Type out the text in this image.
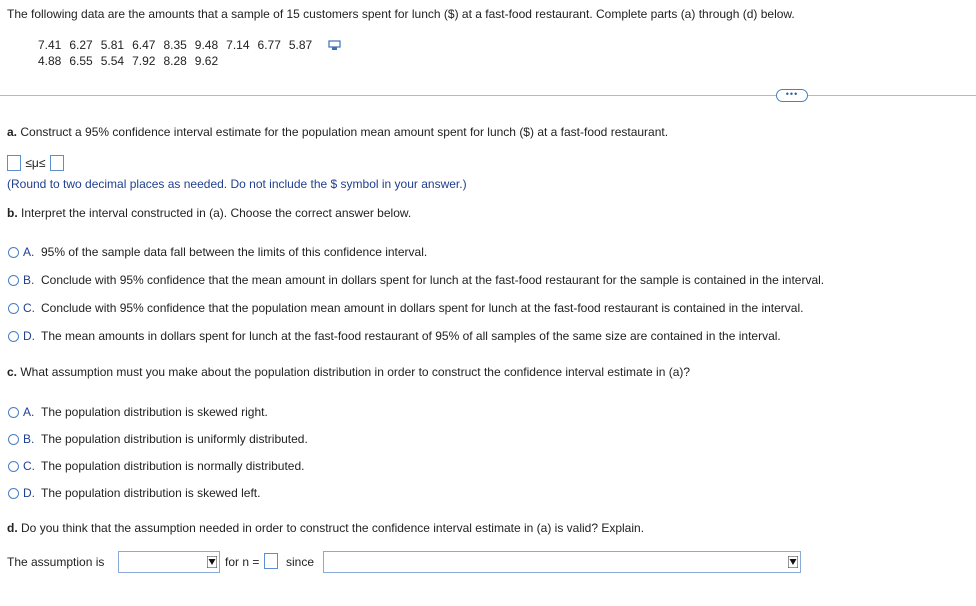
The following data are the amounts that a sample of 15 customers spent for lunch ($) at a fast-food restaurant. Complete parts (a) through (d) below.
7.41	6.27	5.81	6.47	8.35	9.48	7.14	6.77	5.87	
4.88	6.55	5.54	7.92	8.28	9.62				
•••
a. Construct a 95% confidence interval estimate for the population mean amount spent for lunch ($) at a fast-food restaurant.
≤μ≤
(Round to two decimal places as needed. Do not include the $ symbol in your answer.)
b. Interpret the interval constructed in (a). Choose the correct answer below.
A. 95% of the sample data fall between the limits of this confidence interval.
B. Conclude with 95% confidence that the mean amount in dollars spent for lunch at the fast-food restaurant for the sample is contained in the interval.
C. Conclude with 95% confidence that the population mean amount in dollars spent for lunch at the fast-food restaurant is contained in the interval.
D. The mean amounts in dollars spent for lunch at the fast-food restaurant of 95% of all samples of the same size are contained in the interval.
c. What assumption must you make about the population distribution in order to construct the confidence interval estimate in (a)?
A. The population distribution is skewed right.
B. The population distribution is uniformly distributed.
C. The population distribution is normally distributed.
D. The population distribution is skewed left.
d. Do you think that the assumption needed in order to construct the confidence interval estimate in (a) is valid? Explain.
The assumption is	for n = since
